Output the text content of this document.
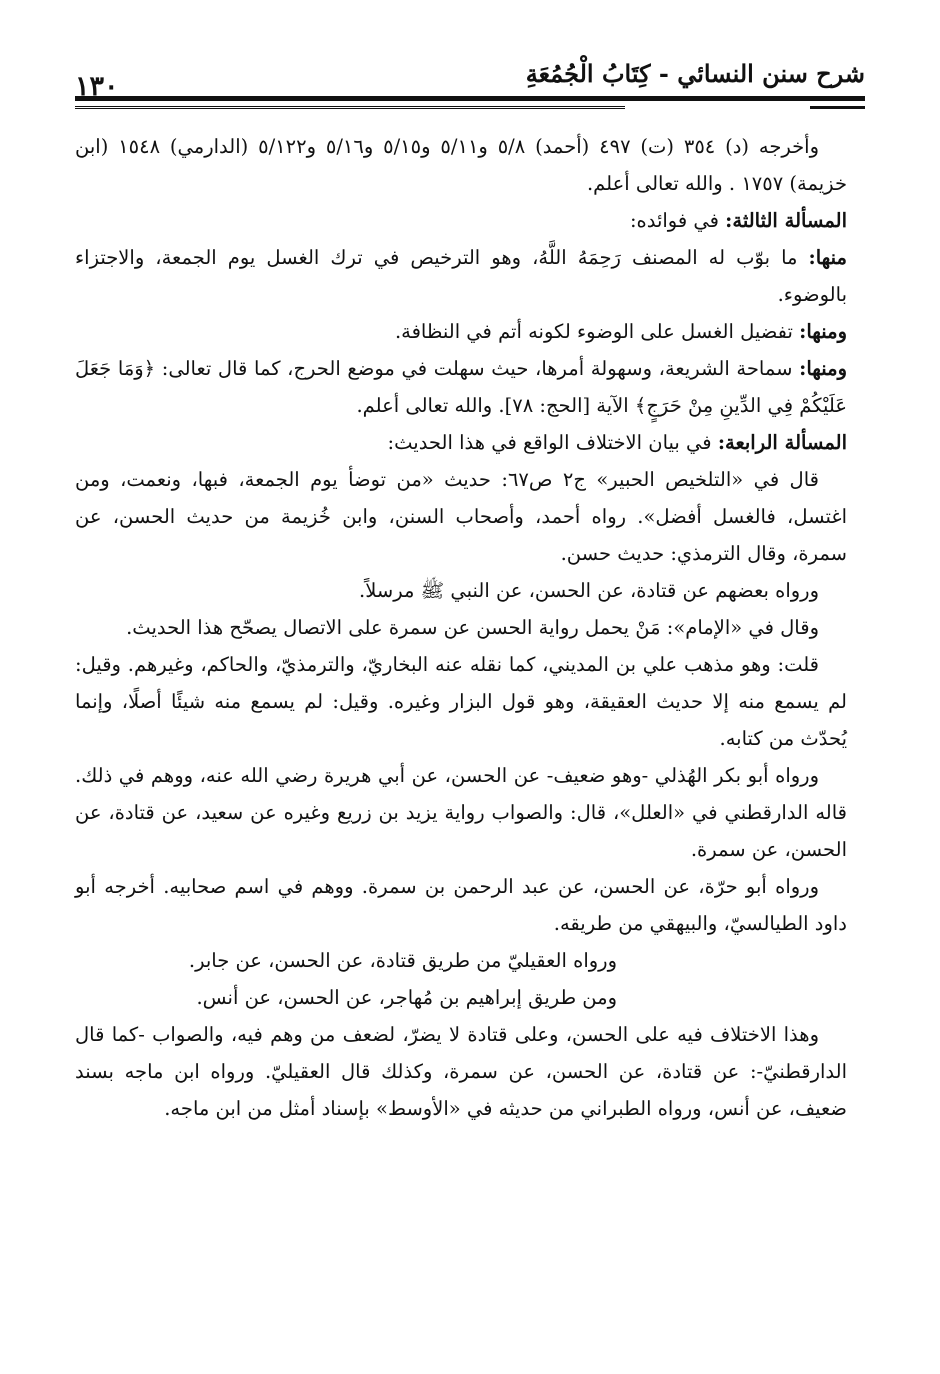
شرح سنن النسائي - كِتَابُ الْجُمُعَةِ
١٣٠

وأخرجه (د) ٣٥٤ (ت) ٤٩٧ (أحمد) ٥/٨ و٥/١١ و٥/١٥ و٥/١٦ و٥/١٢٢ (الدارمي) ١٥٤٨ (ابن خزيمة) ١٧٥٧ . والله تعالى أعلم.

المسألة الثالثة: في فوائده:

منها: ما بوّب له المصنف رَحِمَهُ اللَّهُ، وهو الترخيص في ترك الغسل يوم الجمعة، والاجتزاء بالوضوء.

ومنها: تفضيل الغسل على الوضوء لكونه أتم في النظافة.

ومنها: سماحة الشريعة، وسهولة أمرها، حيث سهلت في موضع الحرج، كما قال تعالى: ﴿وَمَا جَعَلَ عَلَيْكُمْ فِي الدِّينِ مِنْ حَرَجٍ﴾ الآية [الحج: ٧٨]. والله تعالى أعلم.

المسألة الرابعة: في بيان الاختلاف الواقع في هذا الحديث:

قال في «التلخيص الحبير» ج٢ ص٦٧: حديث «من توضأ يوم الجمعة، فبها، ونعمت، ومن اغتسل، فالغسل أفضل». رواه أحمد، وأصحاب السنن، وابن خُزيمة من حديث الحسن، عن سمرة، وقال الترمذي: حديث حسن.

ورواه بعضهم عن قتادة، عن الحسن، عن النبي ﷺ مرسلاً.

وقال في «الإمام»: مَنْ يحمل رواية الحسن عن سمرة على الاتصال يصحّح هذا الحديث.

قلت: وهو مذهب علي بن المديني، كما نقله عنه البخاريّ، والترمذيّ، والحاكم، وغيرهم. وقيل: لم يسمع منه إلا حديث العقيقة، وهو قول البزار وغيره. وقيل: لم يسمع منه شيئًا أصلًا، وإنما يُحدّث من كتابه.

ورواه أبو بكر الهُذلي -وهو ضعيف- عن الحسن، عن أبي هريرة رضي الله عنه، ووهم في ذلك. قاله الدارقطني في «العلل»، قال: والصواب رواية يزيد بن زريع وغيره عن سعيد، عن قتادة، عن الحسن، عن سمرة.

ورواه أبو حرّة، عن الحسن، عن عبد الرحمن بن سمرة. ووهم في اسم صحابيه. أخرجه أبو داود الطيالسيّ، والبيهقي من طريقه.

ورواه العقيليّ من طريق قتادة، عن الحسن، عن جابر.

ومن طريق إبراهيم بن مُهاجر، عن الحسن، عن أنس.

وهذا الاختلاف فيه على الحسن، وعلى قتادة لا يضرّ، لضعف من وهم فيه، والصواب -كما قال الدارقطنيّ-: عن قتادة، عن الحسن، عن سمرة، وكذلك قال العقيليّ. ورواه ابن ماجه بسند ضعيف، عن أنس، ورواه الطبراني من حديثه في «الأوسط» بإسناد أمثل من ابن ماجه.
